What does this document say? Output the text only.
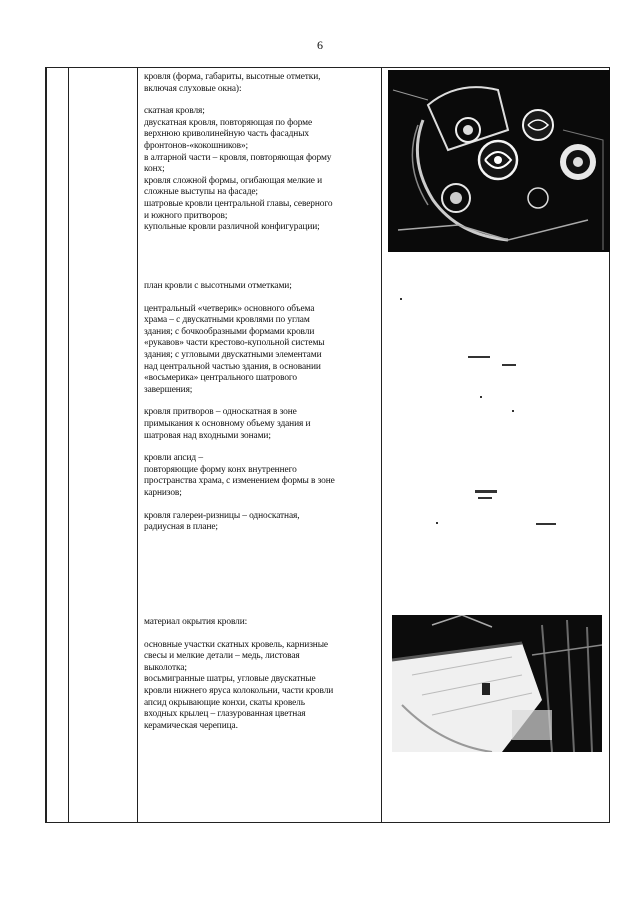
6

кровля (форма, габариты, высотные отметки,
включая слуховые окна):

скатная кровля;
двускатная кровля, повторяющая по форме
верхнюю криволинейную часть фасадных
фронтонов-«кокошников»;
в алтарной части – кровля, повторяющая форму
конх;
кровля сложной формы, огибающая мелкие и
сложные выступы на фасаде;
шатровые кровли центральной главы, северного
и южного притворов;
купольные кровли различной конфигурации;

план кровли с высотными отметками;

центральный «четверик» основного объема
храма – с двускатными кровлями по углам
здания; с бочкообразными формами кровли
«рукавов» части крестово-купольной системы
здания; с угловыми двускатными элементами
над центральной частью здания, в основании
«восьмерика» центрального шатрового
завершения;

кровля притворов – односкатная в зоне
примыкания к основному объему здания и
шатровая над входными зонами;

кровли апсид –
повторяющие форму конх внутреннего
пространства храма, с изменением формы в зоне
карнизов;

кровля галереи-ризницы – односкатная,
радиусная в плане;

материал окрытия кровли:

основные участки скатных кровель, карнизные
свесы и мелкие детали – медь, листовая
выколотка;
восьмигранные шатры, угловые двускатные
кровли нижнего яруса колокольни, части кровли
апсид окрывающие конхи, скаты кровель
входных крылец – глазурованная цветная
керамическая черепица.
